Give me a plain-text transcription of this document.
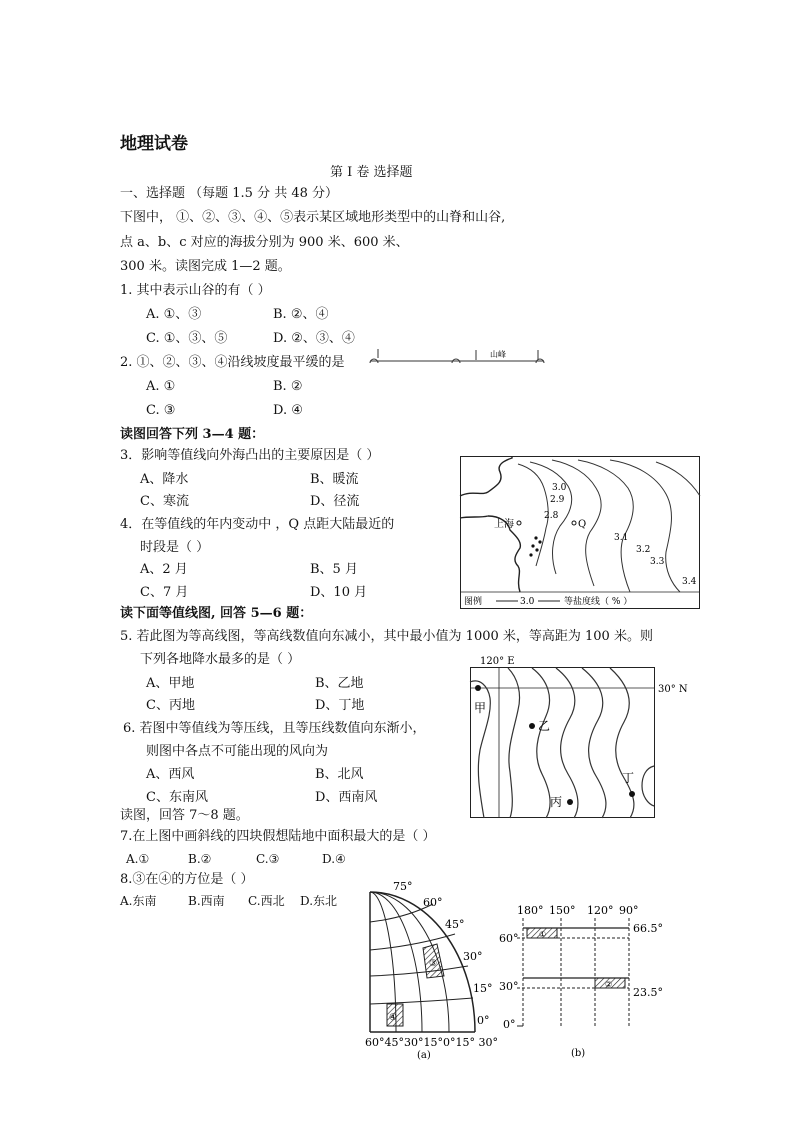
地理试卷
第 I 卷 选择题
一、选择题 （每题 1.5 分 共 48 分）
下图中， ①、②、③、④、⑤表示某区域地形类型中的山脊和山谷,
点 a、b、c 对应的海拔分别为 900 米、600 米、
300 米。读图完成 1—2 题。
1. 其中表示山谷的有（ ）
A. ①、③	B. ②、④
C. ①、③、⑤	D. ②、③、④
2. ①、②、③、④沿线坡度最平缓的是
山峰
A. ①	B. ②
C. ③	D. ④
读图回答下列 3—4 题：
3．影响等值线向外海凸出的主要原因是（ ）
A、降水	B、暖流
C、寒流	D、径流
4．在等值线的年内变动中 ，Q 点距大陆最近的
时段是（ ）
A、2 月	B、5 月
C、7 月	D、10 月
上海	Q
3.0
2.9
2.8
3.1
3.2
3.3
3.4
图例	3.0	等盐度线（ % ）
读下面等值线图, 回答 5—6 题：
5. 若此图为等高线图，等高线数值向东减小，其中最小值为 1000 米，等高距为 100 米。则
下列各地降水最多的是（ ）
A、甲地	B、乙地
C、丙地	D、丁地
6. 若图中等值线为等压线，且等压线数值向东渐小，
则图中各点不可能出现的风向为
A、西风	B、北风
C、东南风	D、西南风
120° E
30° N
甲
乙
丙
丁
读图，回答 7～8 题。
7.在上图中画斜线的四块假想陆地中面积最大的是（ ）
A.①	B.②	C.③	D.④
8.③在④的方位是（ ）
A.东南	B.西南 C.西北 D.东北
③
④
75°
60°
45°
30°
15°
0°
60°45°30°15°0°15° 30°
(a)
180° 150° 120° 90°
①
②
60°
30°
0°
66.5°
23.5°
(b)
